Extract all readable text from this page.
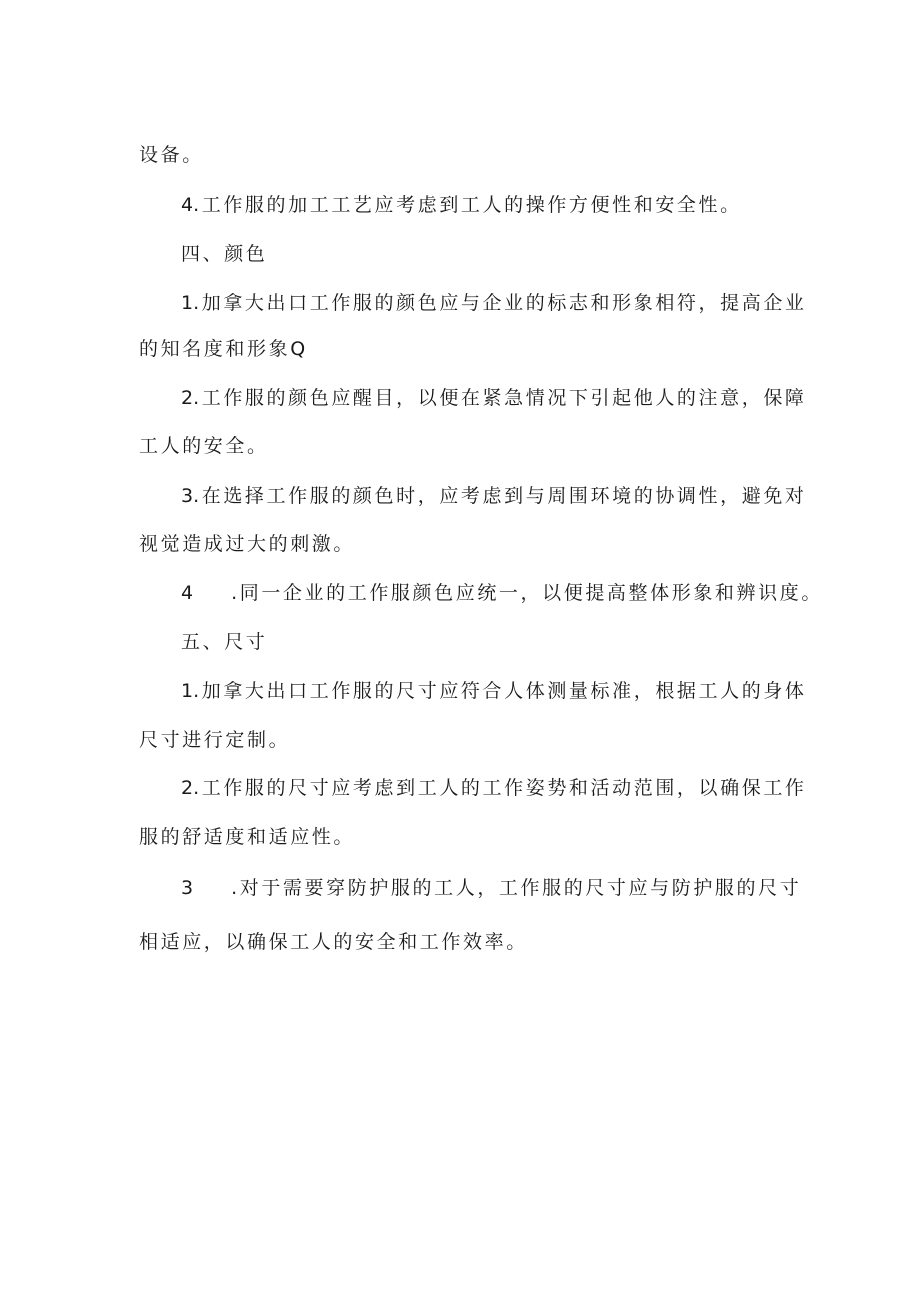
设备。
4.工作服的加工工艺应考虑到工人的操作方便性和安全性。
四、颜色
1.加拿大出口工作服的颜色应与企业的标志和形象相符，提高企业
的知名度和形象Q
2.工作服的颜色应醒目，以便在紧急情况下引起他人的注意，保障
工人的安全。
3.在选择工作服的颜色时，应考虑到与周围环境的协调性，避免对
视觉造成过大的刺激。
4 .同一企业的工作服颜色应统一，以便提高整体形象和辨识度。
五、尺寸
1.加拿大出口工作服的尺寸应符合人体测量标准，根据工人的身体
尺寸进行定制。
2.工作服的尺寸应考虑到工人的工作姿势和活动范围，以确保工作
服的舒适度和适应性。
3 .对于需要穿防护服的工人，工作服的尺寸应与防护服的尺寸
相适应，以确保工人的安全和工作效率。
